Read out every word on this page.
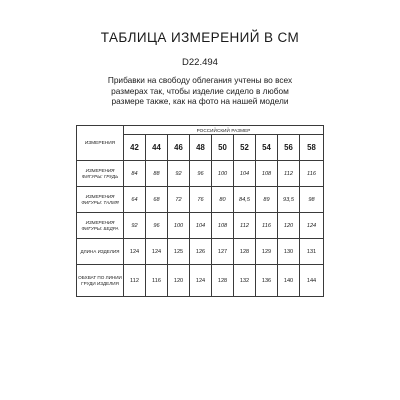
ТАБЛИЦА ИЗМЕРЕНИЙ В СМ
D22.494
Прибавки на свободу облегания учтены во всех размерах так, чтобы изделие сидело в любом размере также, как на фото на нашей модели
ИЗМЕРЕНИЯ	РОССИЙСКИЙ РАЗМЕР								
	42	44	46	48	50	52	54	56	58
ИЗМЕРЕНИЯ ФИГУРЫ: ГРУДЬ	84	88	92	96	100	104	108	112	116
ИЗМЕРЕНИЯ ФИГУРЫ: ТАЛИЯ	64	68	72	76	80	84,5	89	93,5	98
ИЗМЕРЕНИЯ ФИГУРЫ: БЕДРА	92	96	100	104	108	112	116	120	124
ДЛИНА ИЗДЕЛИЯ	124	124	125	126	127	128	129	130	131
ОБХВАТ ПО ЛИНИИ ГРУДИ ИЗДЕЛИЯ	112	116	120	124	128	132	136	140	144
